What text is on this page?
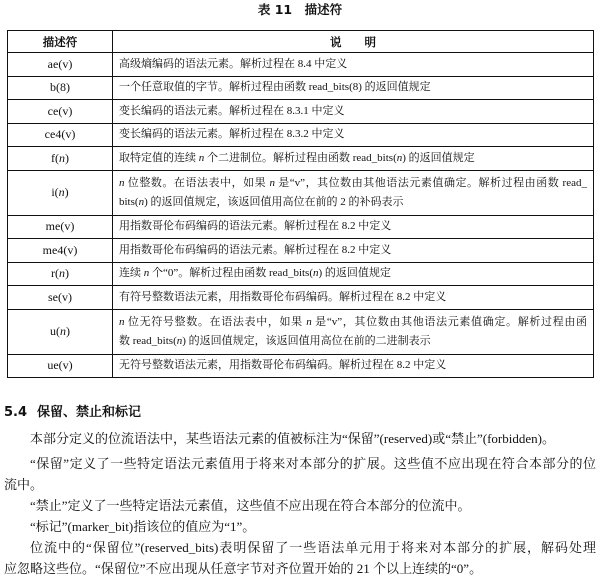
表 11　描述符
描述符	说　　明
ae(v)	高级熵编码的语法元素。解析过程在 8.4 中定义

b(8)	一个任意取值的字节。解析过程由函数 read_bits(8) 的返回值规定

ce(v)	变长编码的语法元素。解析过程在 8.3.1 中定义

ce4(v)	变长编码的语法元素。解析过程在 8.3.2 中定义

f(n)	取特定值的连续 n 个二进制位。解析过程由函数 read_bits(n) 的返回值规定

i(n)	n 位整数。在语法表中，如果 n 是“v”，其位数由其他语法元素值确定。解析过程由函数 read_
bits(n) 的返回值规定，该返回值用高位在前的 2 的补码表示

me(v)	用指数哥伦布码编码的语法元素。解析过程在 8.2 中定义

me4(v)	用指数哥伦布码编码的语法元素。解析过程在 8.2 中定义

r(n)	连续 n 个“0”。解析过程由函数 read_bits(n) 的返回值规定

se(v)	有符号整数语法元素，用指数哥伦布码编码。解析过程在 8.2 中定义

u(n)	n 位无符号整数。在语法表中，如果 n 是“v”，其位数由其他语法元素值确定。解析过程由函
数 read_bits(n) 的返回值规定，该返回值用高位在前的二进制表示

ue(v)	无符号整数语法元素，用指数哥伦布码编码。解析过程在 8.2 中定义
5.4 保留、禁止和标记
本部分定义的位流语法中，某些语法元素的值被标注为“保留”(reserved)或“禁止”(forbidden)。
“保留”定义了一些特定语法元素值用于将来对本部分的扩展。这些值不应出现在符合本部分的位
流中。
“禁止”定义了一些特定语法元素值，这些值不应出现在符合本部分的位流中。
“标记”(marker_bit)指该位的值应为“1”。
位流中的“保留位”(reserved_bits)表明保留了一些语法单元用于将来对本部分的扩展，解码处理
应忽略这些位。“保留位”不应出现从任意字节对齐位置开始的 21 个以上连续的“0”。
